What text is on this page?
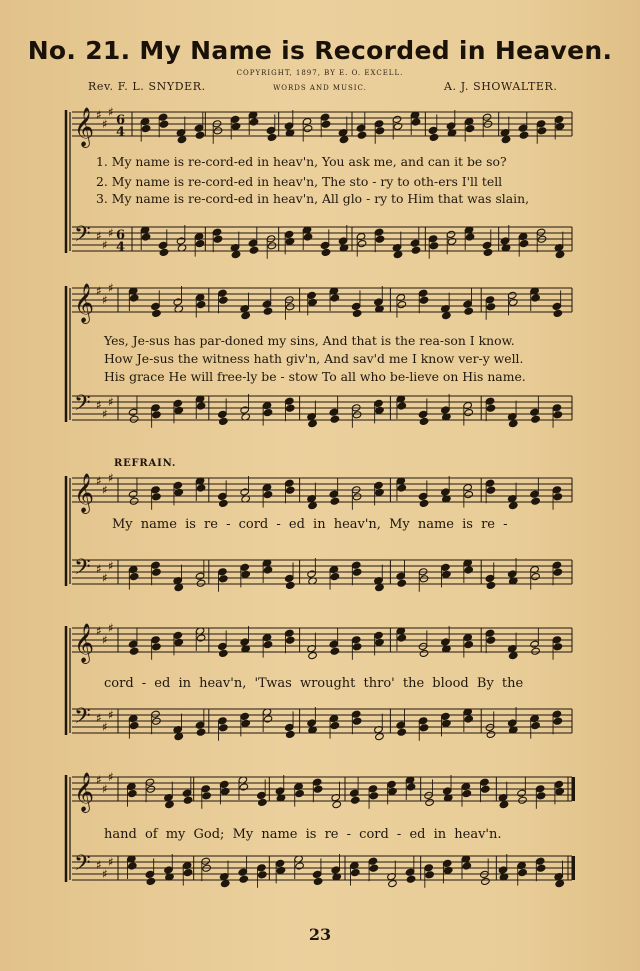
𝄞 ♯
♯
♯
6
4
𝄢 ♯
♯
♯ 6
4
𝄞 ♯
♯
♯
𝄢 ♯
♯
♯
𝄞 ♯
♯
♯
𝄢 ♯
♯
♯
𝄞 ♯
♯
♯
𝄢 ♯
♯
♯
𝄞 ♯
♯
♯
𝄢 ♯
♯
♯
No. 21. My Name is Recorded in Heaven.
Rev. F. L. SNYDER.	A. J. SHOWALTER.
COPYRIGHT, 1897, BY E. O. EXCELL.
WORDS AND MUSIC.
1. My name is re-cord-ed in heav'n, You ask me, and can it be so?
2. My name is re-cord-ed in heav'n, The sto - ry to oth-ers I'll tell
3. My name is re-cord-ed in heav'n, All glo - ry to Him that was slain,
Yes, Je-sus has par-doned my sins, And that is the rea-son I know.
How Je-sus the witness hath giv'n, And sav'd me I know ver-y well.
His grace He will free-ly be - stow To all who be-lieve on His name.
REFRAIN.
My name is re - cord - ed in heav'n, My name is re -
cord - ed in heav'n, 'Twas wrought thro' the blood By the
hand of my God; My name is re - cord - ed in heav'n.
23
